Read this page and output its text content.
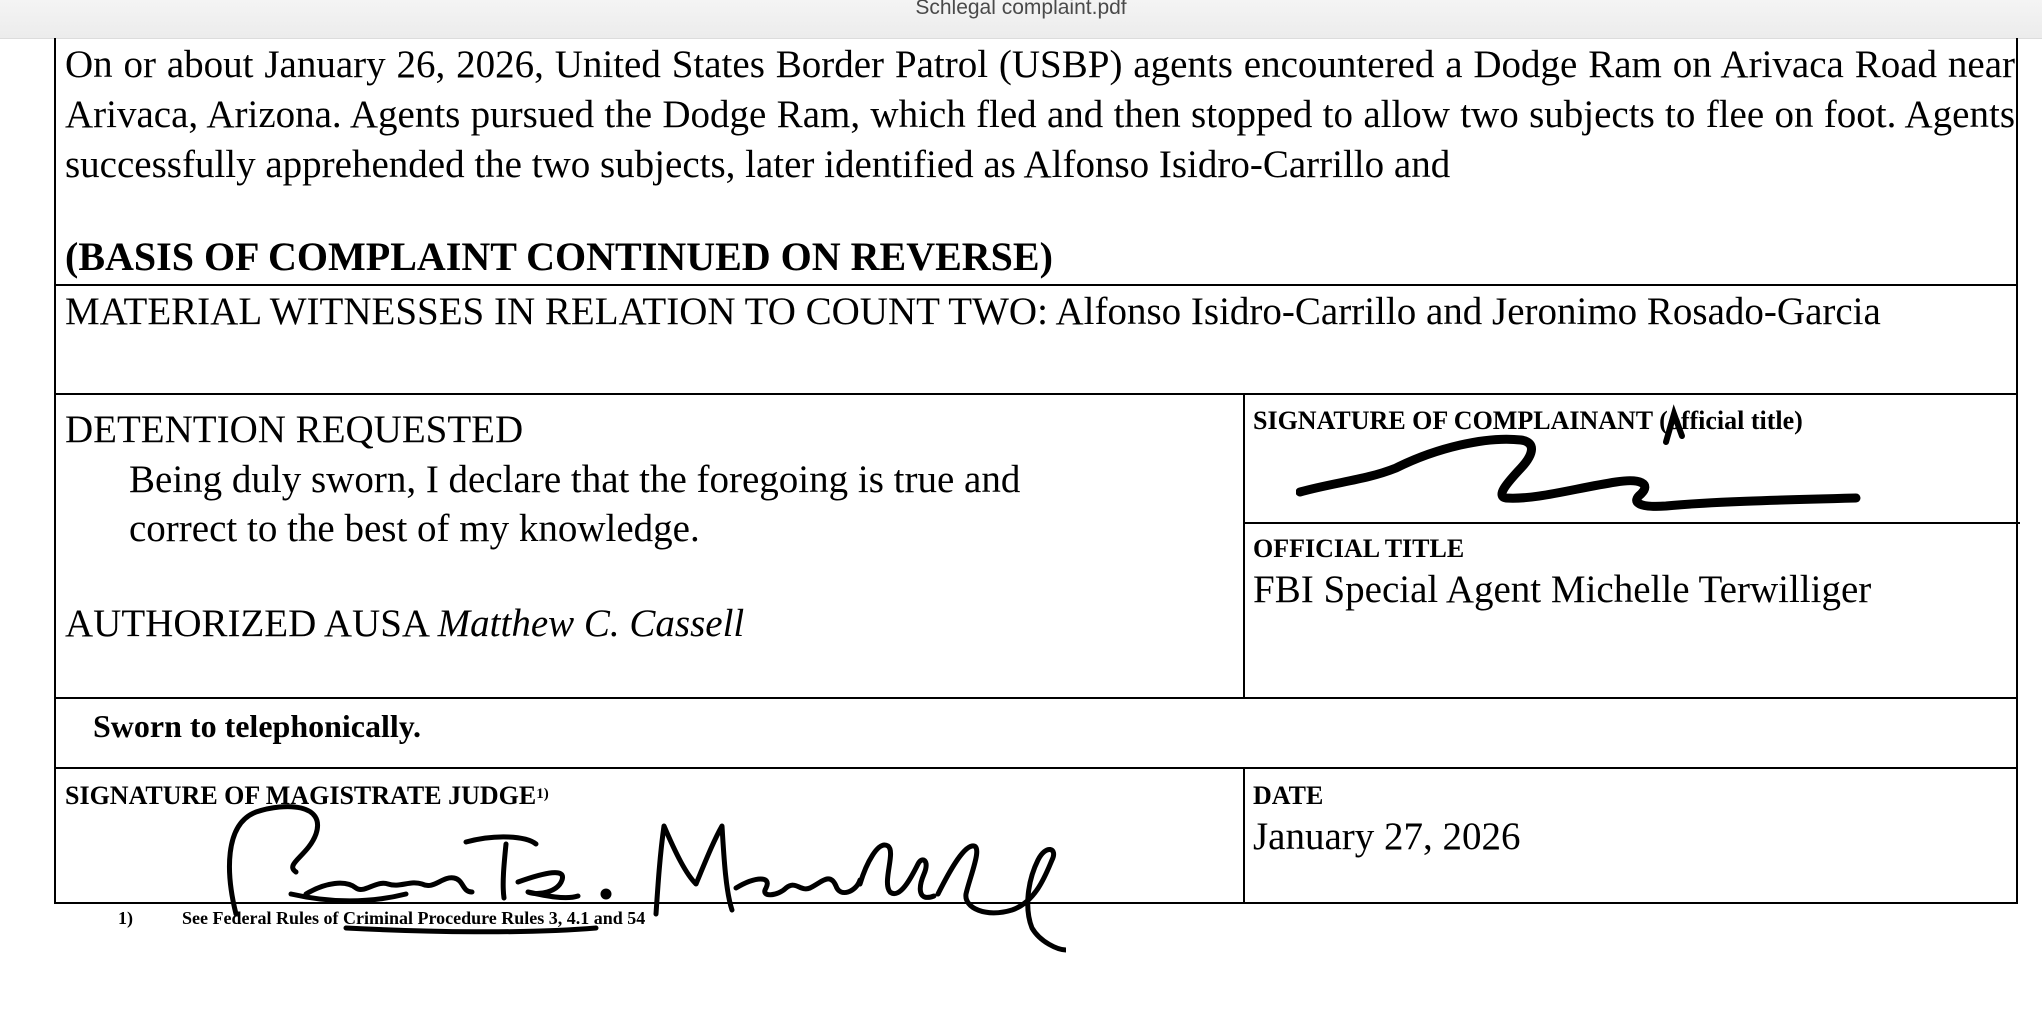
Schlegal complaint.pdf

On or about January 26, 2026, United States Border Patrol (USBP) agents encountered a Dodge Ram on Arivaca Road near Arivaca, Arizona. Agents pursued the Dodge Ram, which fled and then stopped to allow two subjects to flee on foot. Agents successfully apprehended the two subjects, later identified as Alfonso Isidro-Carrillo and

(BASIS OF COMPLAINT CONTINUED ON REVERSE)
MATERIAL WITNESSES IN RELATION TO COUNT TWO: Alfonso Isidro-Carrillo and Jeronimo Rosado-Garcia
DETENTION REQUESTED
Being duly sworn, I declare that the foregoing is true and correct to the best of my knowledge.
AUTHORIZED AUSA Matthew C. Cassell
SIGNATURE OF COMPLAINANT (official title)
OFFICIAL TITLE
FBI Special Agent Michelle Terwilliger
Sworn to telephonically.
SIGNATURE OF MAGISTRATE JUDGE$^{1)}$	DATE
January 27, 2026
1)	See Federal Rules of Criminal Procedure Rules 3, 4.1 and 54
